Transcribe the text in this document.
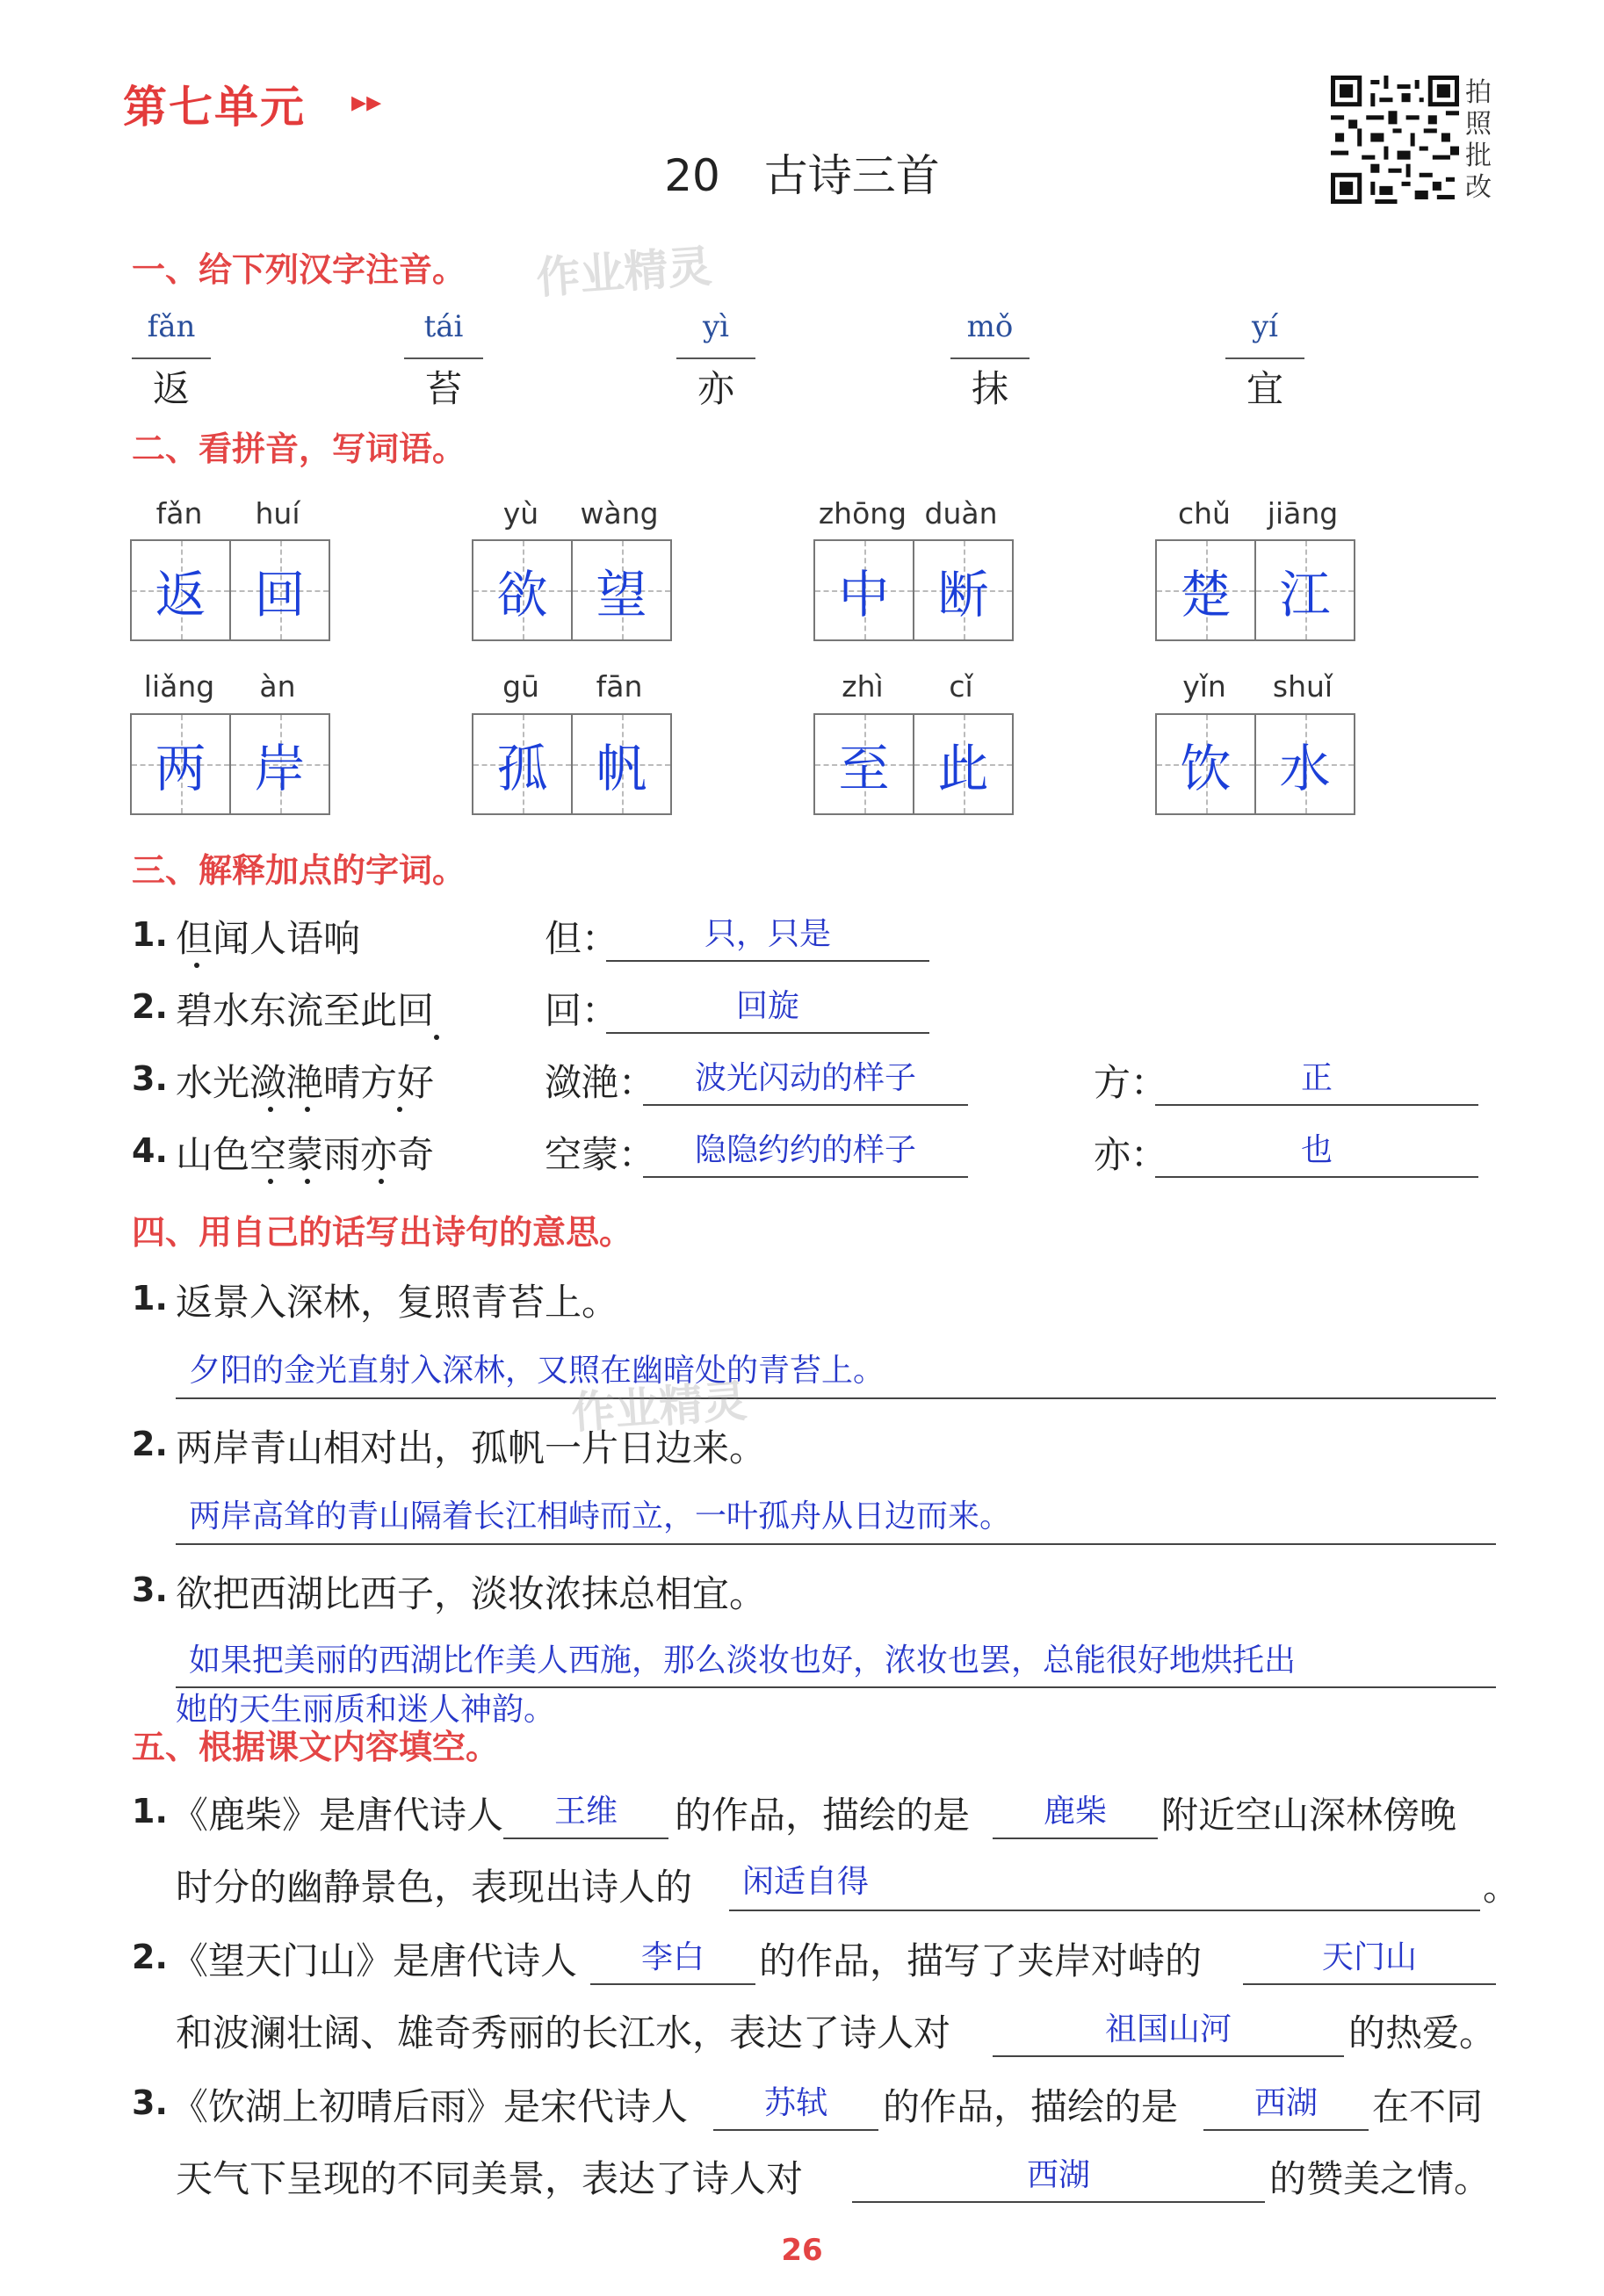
第七单元 ▸▸
20　古诗三首
拍照批改
一、给下列汉字注音。 作业精灵
fǎn
返
tái
苔
yì
亦
mǒ
抹
yí
宜
二、看拼音，写词语。
fǎn	huí
返 回
yù	wàng
欲 望
zhōng duàn
中 断
chǔ	jiāng
楚 江
liǎng	àn
两 岸
gū	fān
孤 帆
zhì	cǐ
至 此
yǐn	shuǐ
饮 水
三、解释加点的字词。
1. 但闻人语响	但：	只，只是
2. 碧水东流至此回	回：	回旋
3. 水光潋滟晴方好	潋滟：	波光闪动的样子	方：	正
4. 山色空蒙雨亦奇	空蒙：	隐隐约约的样子	亦：	也
四、用自己的话写出诗句的意思。
1. 返景入深林，复照青苔上。
夕阳的金光直射入深林，又照在幽暗处的青苔上。
作业精灵
2. 两岸青山相对出，孤帆一片日边来。
两岸高耸的青山隔着长江相峙而立，一叶孤舟从日边而来。
3. 欲把西湖比西子，淡妆浓抹总相宜。
如果把美丽的西湖比作美人西施，那么淡妆也好，浓妆也罢，总能很好地烘托出
她的天生丽质和迷人神韵。
五、根据课文内容填空。
1. 《鹿柴》是唐代诗人	王维	的作品，描绘的是	鹿柴	附近空山深林傍晚
时分的幽静景色，表现出诗人的 闲适自得	。
2. 《望天门山》是唐代诗人	李白	的作品，描写了夹岸对峙的	天门山
和波澜壮阔、雄奇秀丽的长江水，表达了诗人对	祖国山河	的热爱。
3. 《饮湖上初晴后雨》是宋代诗人	苏轼	的作品，描绘的是	西湖	在不同
天气下呈现的不同美景，表达了诗人对	西湖	的赞美之情。
26
